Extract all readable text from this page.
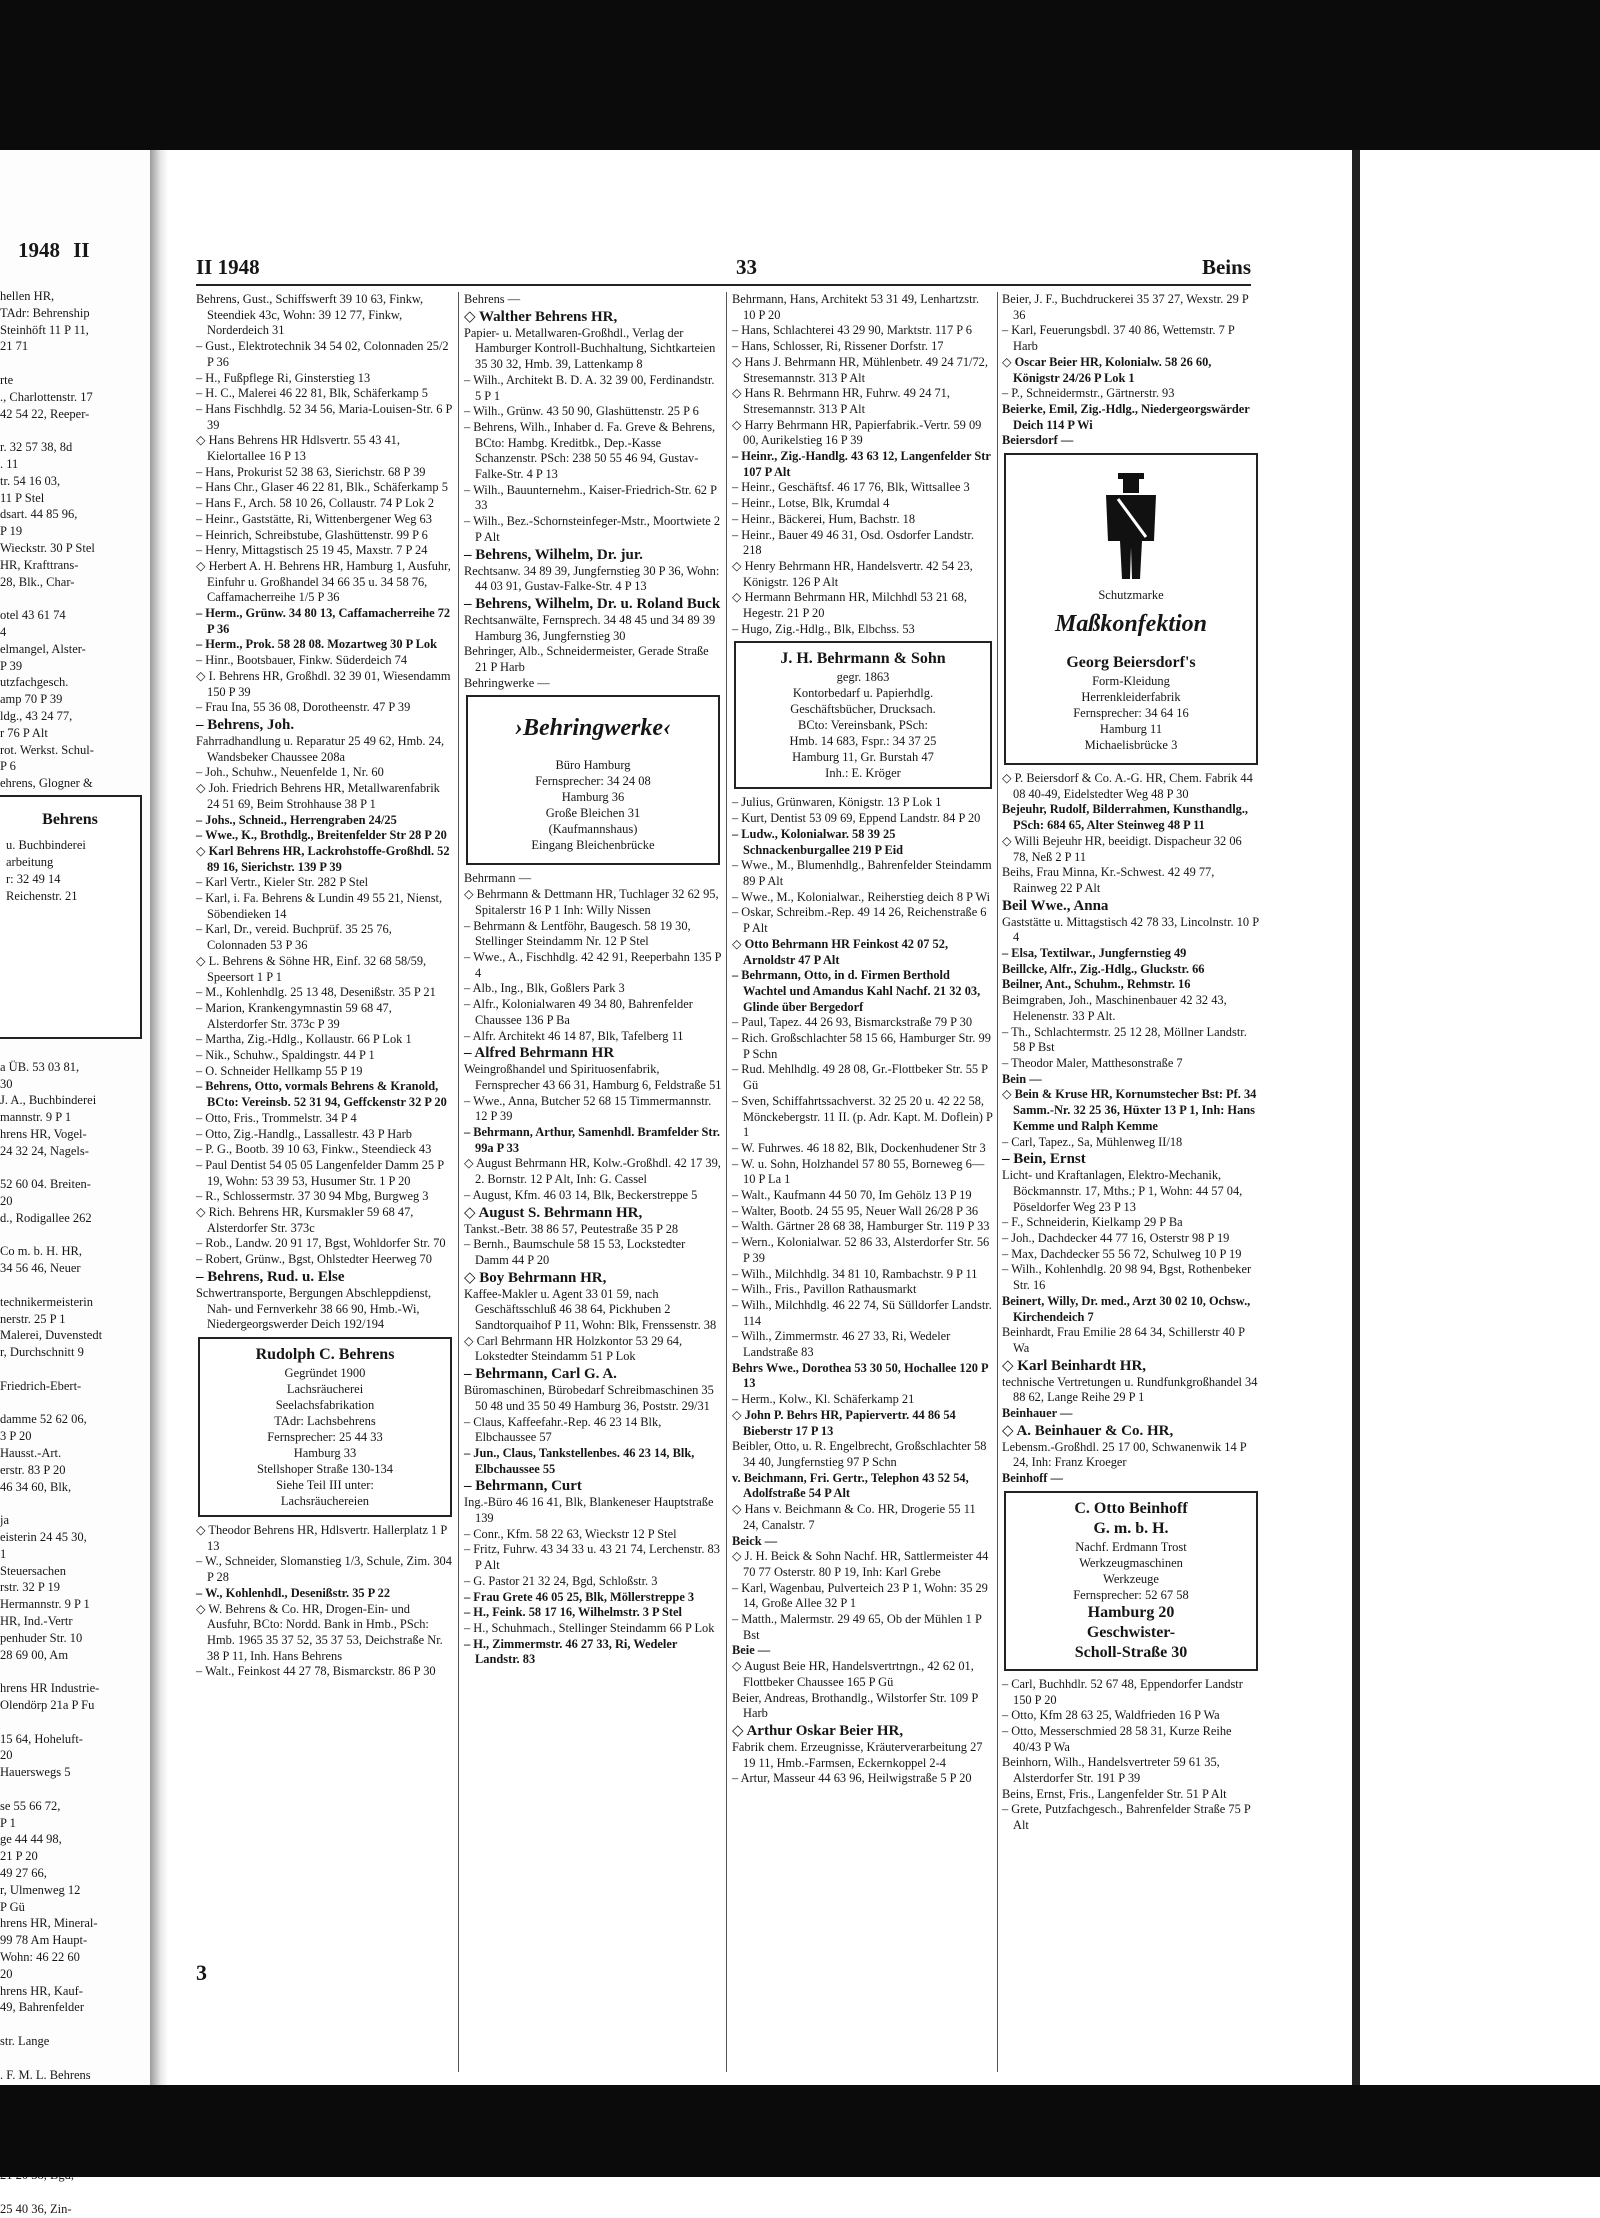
1948 II
hellen HR,
TAdr: Behrenship
Steinhöft 11 P 11,
21 71

rte
., Charlottenstr. 17
42 54 22, Reeper-

r. 32 57 38, 8d
. 11
tr. 54 16 03,
11 P Stel
dsart. 44 85 96,
P 19
Wieckstr. 30 P Stel
HR, Krafttrans-
28, Blk., Char-

otel 43 61 74
4
elmangel, Alster-
P 39
utzfachgesch.
amp 70 P 39
ldg., 43 24 77,
r 76 P Alt
rot. Werkst. Schul-
P 6
ehrens, Glogner &
a ÜB. 53 03 81,
30
J. A., Buchbinderei
mannstr. 9 P 1
hrens HR, Vogel-
24 32 24, Nagels-

52 60 04. Breiten-
20
d., Rodigallee 262

Co m. b. H. HR,
34 56 46, Neuer

technikermeisterin
nerstr. 25 P 1
Malerei, Duvenstedt
r, Durchschnitt 9

Friedrich-Ebert-

damme 52 62 06,
3 P 20
Hausst.-Art.
erstr. 83 P 20
46 34 60, Blk,

ja
eisterin 24 45 30,
1
Steuersachen
rstr. 32 P 19
Hermannstr. 9 P 1
HR, Ind.-Vertr
penhuder Str. 10
28 69 00, Am

hrens HR Industrie-
Olendörp 21a P Fu

15 64, Hoheluft-
20
Hauerswegs 5

se 55 66 72,
P 1
ge 44 44 98,
21 P 20
49 27 66,
r, Ulmenweg 12
P Gü
hrens HR, Mineral-
99 78 Am Haupt-
Wohn: 46 22 60
20
hrens HR, Kauf-
49, Bahrenfelder

str. Lange

. F. M. L. Behrens

25 40 36, Zin-
Behrens
u. Buchbinderei
arbeitung
r: 32 49 14
Reichenstr. 21
II 1948	33	Beins

Behrens, Gust., Schiffswerft 39 10 63, Finkw, Steendiek 43c, Wohn: 39 12 77, Finkw, Norderdeich 31

– Gust., Elektrotechnik 34 54 02, Colonnaden 25/2 P 36

– H., Fußpflege Ri, Ginsterstieg 13

– H. C., Malerei 46 22 81, Blk, Schäferkamp 5

– Hans Fischhdlg. 52 34 56, Maria-Louisen-Str. 6 P 39

◇ Hans Behrens HR Hdlsvertr. 55 43 41, Kielortallee 16 P 13

– Hans, Prokurist 52 38 63, Sierichstr. 68 P 39

– Hans Chr., Glaser 46 22 81, Blk., Schäferkamp 5

– Hans F., Arch. 58 10 26, Collaustr. 74 P Lok 2

– Heinr., Gaststätte, Ri, Wittenbergener Weg 63

– Heinrich, Schreibstube, Glashüttenstr. 99 P 6

– Henry, Mittagstisch 25 19 45, Maxstr. 7 P 24

◇ Herbert A. H. Behrens HR, Hamburg 1, Ausfuhr, Einfuhr u. Großhandel 34 66 35 u. 34 58 76, Caffamacherreihe 1/5 P 36

– Herm., Grünw. 34 80 13, Caffamacherreihe 72 P 36

– Herm., Prok. 58 28 08. Mozartweg 30 P Lok

– Hinr., Bootsbauer, Finkw. Süderdeich 74

◇ I. Behrens HR, Großhdl. 32 39 01, Wiesendamm 150 P 39

– Frau Ina, 55 36 08, Dorotheenstr. 47 P 39

– Behrens, Joh.

Fahrradhandlung u. Reparatur 25 49 62, Hmb. 24, Wandsbeker Chaussee 208a

– Joh., Schuhw., Neuenfelde 1, Nr. 60

◇ Joh. Friedrich Behrens HR, Metallwarenfabrik 24 51 69, Beim Strohhause 38 P 1

– Johs., Schneid., Herrengraben 24/25

– Wwe., K., Brothdlg., Breitenfelder Str 28 P 20

◇ Karl Behrens HR, Lackrohstoffe-Großhdl. 52 89 16, Sierichstr. 139 P 39

– Karl Vertr., Kieler Str. 282 P Stel

– Karl, i. Fa. Behrens & Lundin 49 55 21, Nienst, Söbendieken 14

– Karl, Dr., vereid. Buchprüf. 35 25 76, Colonnaden 53 P 36

◇ L. Behrens & Söhne HR, Einf. 32 68 58/59, Speersort 1 P 1

– M., Kohlenhdlg. 25 13 48, Desenißstr. 35 P 21

– Marion, Krankengymnastin 59 68 47, Alsterdorfer Str. 373c P 39

– Martha, Zig.-Hdlg., Kollaustr. 66 P Lok 1

– Nik., Schuhw., Spaldingstr. 44 P 1

– O. Schneider Hellkamp 55 P 19

– Behrens, Otto, vormals Behrens & Kranold, BCto: Vereinsb. 52 31 94, Geffckenstr 32 P 20

– Otto, Fris., Trommelstr. 34 P 4

– Otto, Zig.-Handlg., Lassallestr. 43 P Harb

– P. G., Bootb. 39 10 63, Finkw., Steendieck 43

– Paul Dentist 54 05 05 Langenfelder Damm 25 P 19, Wohn: 53 39 53, Husumer Str. 1 P 20

– R., Schlossermstr. 37 30 94 Mbg, Burgweg 3

◇ Rich. Behrens HR, Kursmakler 59 68 47, Alsterdorfer Str. 373c

– Rob., Landw. 20 91 17, Bgst, Wohldorfer Str. 70

– Robert, Grünw., Bgst, Ohlstedter Heerweg 70

– Behrens, Rud. u. Else

Schwertransporte, Bergungen Abschleppdienst, Nah- und Fernverkehr 38 66 90, Hmb.-Wi, Niedergeorgswerder Deich 192/194

Rudolph C. Behrens
Gegründet 1900
Lachsräucherei
Seelachsfabrikation
TAdr: Lachsbehrens
Fernsprecher: 25 44 33
Hamburg 33
Stellshoper Straße 130-134
Siehe Teil III unter:
Lachsräuchereien

◇ Theodor Behrens HR, Hdlsvertr. Hallerplatz 1 P 13

– W., Schneider, Slomanstieg 1/3, Schule, Zim. 304 P 28

– W., Kohlenhdl., Desenißstr. 35 P 22

◇ W. Behrens & Co. HR, Drogen-Ein- und Ausfuhr, BCto: Nordd. Bank in Hmb., PSch: Hmb. 1965 35 37 52, 35 37 53, Deichstraße Nr. 38 P 11, Inh. Hans Behrens

– Walt., Feinkost 44 27 78, Bismarckstr. 86 P 30

Behrens —

◇ Walther Behrens HR,

Papier- u. Metallwaren-Großhdl., Verlag der Hamburger Kontroll-Buchhaltung, Sichtkarteien 35 30 32, Hmb. 39, Lattenkamp 8

– Wilh., Architekt B. D. A. 32 39 00, Ferdinandstr. 5 P 1

– Wilh., Grünw. 43 50 90, Glashüttenstr. 25 P 6

– Behrens, Wilh., Inhaber d. Fa. Greve & Behrens, BCto: Hambg. Kreditbk., Dep.-Kasse Schanzenstr. PSch: 238 50 55 46 94, Gustav-Falke-Str. 4 P 13

– Wilh., Bauunternehm., Kaiser-Friedrich-Str. 62 P 33

– Wilh., Bez.-Schornsteinfeger-Mstr., Moortwiete 2 P Alt

– Behrens, Wilhelm, Dr. jur.

Rechtsanw. 34 89 39, Jungfernstieg 30 P 36, Wohn: 44 03 91, Gustav-Falke-Str. 4 P 13

– Behrens, Wilhelm, Dr. u. Roland Buck

Rechtsanwälte, Fernsprech. 34 48 45 und 34 89 39 Hamburg 36, Jungfernstieg 30

Behringer, Alb., Schneidermeister, Gerade Straße 21 P Harb

Behringwerke —

›Behringwerke‹
Büro Hamburg
Fernsprecher: 34 24 08
Hamburg 36
Große Bleichen 31
(Kaufmannshaus)
Eingang Bleichenbrücke

Behrmann —

◇ Behrmann & Dettmann HR, Tuchlager 32 62 95, Spitalerstr 16 P 1 Inh: Willy Nissen

– Behrmann & Lentföhr, Baugesch. 58 19 30, Stellinger Steindamm Nr. 12 P Stel

– Wwe., A., Fischhdlg. 42 42 91, Reeperbahn 135 P 4

– Alb., Ing., Blk, Goßlers Park 3

– Alfr., Kolonialwaren 49 34 80, Bahrenfelder Chaussee 136 P Ba

– Alfr. Architekt 46 14 87, Blk, Tafelberg 11

– Alfred Behrmann HR

Weingroßhandel und Spirituosenfabrik, Fernsprecher 43 66 31, Hamburg 6, Feldstraße 51

– Wwe., Anna, Butcher 52 68 15 Timmermannstr. 12 P 39

– Behrmann, Arthur, Samenhdl. Bramfelder Str. 99a P 33

◇ August Behrmann HR, Kolw.-Großhdl. 42 17 39, 2. Bornstr. 12 P Alt, Inh: G. Cassel

– August, Kfm. 46 03 14, Blk, Beckerstreppe 5

◇ August S. Behrmann HR,

Tankst.-Betr. 38 86 57, Peutestraße 35 P 28

– Bernh., Baumschule 58 15 53, Lockstedter Damm 44 P 20

◇ Boy Behrmann HR,

Kaffee-Makler u. Agent 33 01 59, nach Geschäftsschluß 46 38 64, Pickhuben 2 Sandtorquaihof P 11, Wohn: Blk, Frenssenstr. 38

◇ Carl Behrmann HR Holzkontor 53 29 64, Lokstedter Steindamm 51 P Lok

– Behrmann, Carl G. A.

Büromaschinen, Bürobedarf Schreibmaschinen 35 50 48 und 35 50 49 Hamburg 36, Poststr. 29/31

– Claus, Kaffeefahr.-Rep. 46 23 14 Blk, Elbchaussee 57

– Jun., Claus, Tankstellenbes. 46 23 14, Blk, Elbchaussee 55

– Behrmann, Curt

Ing.-Büro 46 16 41, Blk, Blankeneser Hauptstraße 139

– Conr., Kfm. 58 22 63, Wieckstr 12 P Stel

– Fritz, Fuhrw. 43 34 33 u. 43 21 74, Lerchenstr. 83 P Alt

– G. Pastor 21 32 24, Bgd, Schloßstr. 3

– Frau Grete 46 05 25, Blk, Möllerstreppe 3

– H., Feink. 58 17 16, Wilhelmstr. 3 P Stel

– H., Schuhmach., Stellinger Steindamm 66 P Lok

– H., Zimmermstr. 46 27 33, Ri, Wedeler Landstr. 83

Behrmann, Hans, Architekt 53 31 49, Lenhartzstr. 10 P 20

– Hans, Schlachterei 43 29 90, Marktstr. 117 P 6

– Hans, Schlosser, Ri, Rissener Dorfstr. 17

◇ Hans J. Behrmann HR, Mühlenbetr. 49 24 71/72, Stresemannstr. 313 P Alt

◇ Hans R. Behrmann HR, Fuhrw. 49 24 71, Stresemannstr. 313 P Alt

◇ Harry Behrmann HR, Papierfabrik.-Vertr. 59 09 00, Aurikelstieg 16 P 39

– Heinr., Zig.-Handlg. 43 63 12, Langenfelder Str 107 P Alt

– Heinr., Geschäftsf. 46 17 76, Blk, Wittsallee 3

– Heinr., Lotse, Blk, Krumdal 4

– Heinr., Bäckerei, Hum, Bachstr. 18

– Heinr., Bauer 49 46 31, Osd. Osdorfer Landstr. 218

◇ Henry Behrmann HR, Handelsvertr. 42 54 23, Königstr. 126 P Alt

◇ Hermann Behrmann HR, Milchhdl 53 21 68, Hegestr. 21 P 20

– Hugo, Zig.-Hdlg., Blk, Elbchss. 53

J. H. Behrmann & Sohn
gegr. 1863
Kontorbedarf u. Papierhdlg.
Geschäftsbücher, Drucksach.
BCto: Vereinsbank, PSch:
Hmb. 14 683, Fspr.: 34 37 25
Hamburg 11, Gr. Burstah 47
Inh.: E. Kröger

– Julius, Grünwaren, Königstr. 13 P Lok 1

– Kurt, Dentist 53 09 69, Eppend Landstr. 84 P 20

– Ludw., Kolonialwar. 58 39 25 Schnackenburgallee 219 P Eid

– Wwe., M., Blumenhdlg., Bahrenfelder Steindamm 89 P Alt

– Wwe., M., Kolonialwar., Reiherstieg deich 8 P Wi

– Oskar, Schreibm.-Rep. 49 14 26, Reichenstraße 6 P Alt

◇ Otto Behrmann HR Feinkost 42 07 52, Arnoldstr 47 P Alt

– Behrmann, Otto, in d. Firmen Berthold Wachtel und Amandus Kahl Nachf. 21 32 03, Glinde über Bergedorf

– Paul, Tapez. 44 26 93, Bismarckstraße 79 P 30

– Rich. Großschlachter 58 15 66, Hamburger Str. 99 P Schn

– Rud. Mehlhdlg. 49 28 08, Gr.-Flottbeker Str. 55 P Gü

– Sven, Schiffahrtssachverst. 32 25 20 u. 42 22 58, Mönckebergstr. 11 II. (p. Adr. Kapt. M. Doflein) P 1

– W. Fuhrwes. 46 18 82, Blk, Dockenhudener Str 3

– W. u. Sohn, Holzhandel 57 80 55, Borneweg 6—10 P La 1

– Walt., Kaufmann 44 50 70, Im Gehölz 13 P 19

– Walter, Bootb. 24 55 95, Neuer Wall 26/28 P 36

– Walth. Gärtner 28 68 38, Hamburger Str. 119 P 33

– Wern., Kolonialwar. 52 86 33, Alsterdorfer Str. 56 P 39

– Wilh., Milchhdlg. 34 81 10, Rambachstr. 9 P 11

– Wilh., Fris., Pavillon Rathausmarkt

– Wilh., Milchhdlg. 46 22 74, Sü Sülldorfer Landstr. 114

– Wilh., Zimmermstr. 46 27 33, Ri, Wedeler Landstraße 83

Behrs Wwe., Dorothea 53 30 50, Hochallee 120 P 13

– Herm., Kolw., Kl. Schäferkamp 21

◇ John P. Behrs HR, Papiervertr. 44 86 54 Bieberstr 17 P 13

Beibler, Otto, u. R. Engelbrecht, Großschlachter 58 34 40, Jungfernstieg 97 P Schn

v. Beichmann, Fri. Gertr., Telephon 43 52 54, Adolfstraße 54 P Alt

◇ Hans v. Beichmann & Co. HR, Drogerie 55 11 24, Canalstr. 7

Beick —

◇ J. H. Beick & Sohn Nachf. HR, Sattlermeister 44 70 77 Osterstr. 80 P 19, Inh: Karl Grebe

– Karl, Wagenbau, Pulverteich 23 P 1, Wohn: 35 29 14, Große Allee 32 P 1

– Matth., Malermstr. 29 49 65, Ob der Mühlen 1 P Bst

Beie —

◇ August Beie HR, Handelsvertrtngn., 42 62 01, Flottbeker Chaussee 165 P Gü

Beier, Andreas, Brothandlg., Wilstorfer Str. 109 P Harb

◇ Arthur Oskar Beier HR,

Fabrik chem. Erzeugnisse, Kräuterverarbeitung 27 19 11, Hmb.-Farmsen, Eckernkoppel 2-4

– Artur, Masseur 44 63 96, Heilwigstraße 5 P 20

Beier, J. F., Buchdruckerei 35 37 27, Wexstr. 29 P 36

– Karl, Feuerungsbdl. 37 40 86, Wettemstr. 7 P Harb

◇ Oscar Beier HR, Kolonialw. 58 26 60, Königstr 24/26 P Lok 1

– P., Schneidermstr., Gärtnerstr. 93

Beierke, Emil, Zig.-Hdlg., Niedergeorgswärder Deich 114 P Wi

Beiersdorf —

Schutzmarke
Maßkonfektion
Georg Beiersdorf's
Form-Kleidung
Herrenkleiderfabrik
Fernsprecher: 34 64 16
Hamburg 11
Michaelisbrücke 3

◇ P. Beiersdorf & Co. A.-G. HR, Chem. Fabrik 44 08 40-49, Eidelstedter Weg 48 P 30

Bejeuhr, Rudolf, Bilderrahmen, Kunsthandlg., PSch: 684 65, Alter Steinweg 48 P 11

◇ Willi Bejeuhr HR, beeidigt. Dispacheur 32 06 78, Neß 2 P 11

Beihs, Frau Minna, Kr.-Schwest. 42 49 77, Rainweg 22 P Alt

Beil Wwe., Anna

Gaststätte u. Mittagstisch 42 78 33, Lincolnstr. 10 P 4

– Elsa, Textilwar., Jungfernstieg 49

Beillcke, Alfr., Zig.-Hdlg., Gluckstr. 66

Beilner, Ant., Schuhm., Rehmstr. 16

Beimgraben, Joh., Maschinenbauer 42 32 43, Helenenstr. 33 P Alt.

– Th., Schlachtermstr. 25 12 28, Möllner Landstr. 58 P Bst

– Theodor Maler, Matthesonstraße 7

Bein —

◇ Bein & Kruse HR, Kornumstecher Bst: Pf. 34 Samm.-Nr. 32 25 36, Hüxter 13 P 1, Inh: Hans Kemme und Ralph Kemme

– Carl, Tapez., Sa, Mühlenweg II/18

– Bein, Ernst

Licht- und Kraftanlagen, Elektro-Mechanik, Böckmannstr. 17, Mths.; P 1, Wohn: 44 57 04, Pöseldorfer Weg 23 P 13

– F., Schneiderin, Kielkamp 29 P Ba

– Joh., Dachdecker 44 77 16, Osterstr 98 P 19

– Max, Dachdecker 55 56 72, Schulweg 10 P 19

– Wilh., Kohlenhdlg. 20 98 94, Bgst, Rothenbeker Str. 16

Beinert, Willy, Dr. med., Arzt 30 02 10, Ochsw., Kirchendeich 7

Beinhardt, Frau Emilie 28 64 34, Schillerstr 40 P Wa

◇ Karl Beinhardt HR,

technische Vertretungen u. Rundfunkgroßhandel 34 88 62, Lange Reihe 29 P 1

Beinhauer —

◇ A. Beinhauer & Co. HR,

Lebensm.-Großhdl. 25 17 00, Schwanenwik 14 P 24, Inh: Franz Kroeger

Beinhoff —

C. Otto Beinhoff
G. m. b. H.
Nachf. Erdmann Trost
Werkzeugmaschinen
Werkzeuge
Fernsprecher: 52 67 58
Hamburg 20
Geschwister-
Scholl-Straße 30

– Carl, Buchhdlr. 52 67 48, Eppendorfer Landstr 150 P 20

– Otto, Kfm 28 63 25, Waldfrieden 16 P Wa

– Otto, Messerschmied 28 58 31, Kurze Reihe 40/43 P Wa

Beinhorn, Wilh., Handelsvertreter 59 61 35, Alsterdorfer Str. 191 P 39

Beins, Ernst, Fris., Langenfelder Str. 51 P Alt

– Grete, Putzfachgesch., Bahrenfelder Straße 75 P Alt

3
